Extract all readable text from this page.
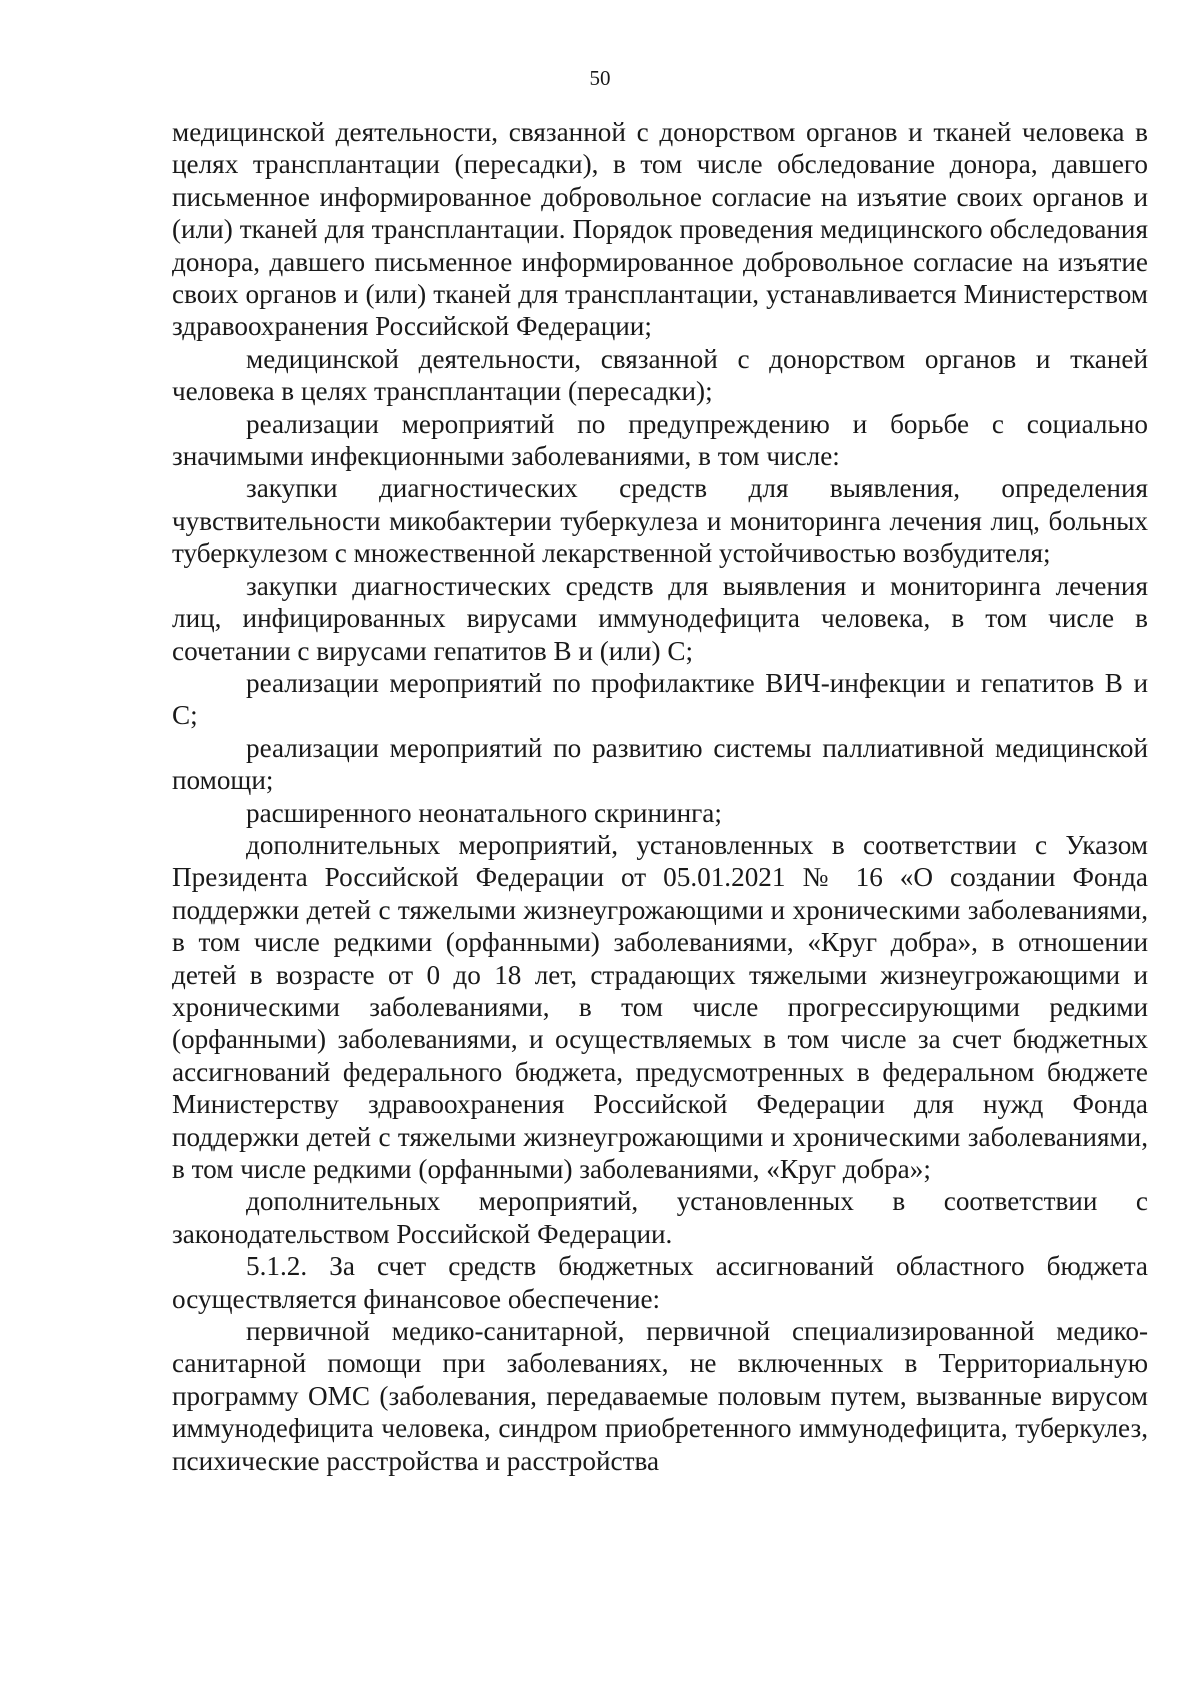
50

медицинской деятельности, связанной с донорством органов и тканей человека в целях трансплантации (пересадки), в том числе обследование донора, давшего письменное информированное добровольное согласие на изъятие своих органов и (или) тканей для трансплантации. Порядок проведения медицинского обследования донора, давшего письменное информированное добровольное согласие на изъятие своих органов и (или) тканей для трансплантации, устанавливается Министерством здравоохранения Российской Федерации;

медицинской деятельности, связанной с донорством органов и тканей человека в целях трансплантации (пересадки);

реализации мероприятий по предупреждению и борьбе с социально значимыми инфекционными заболеваниями, в том числе:

закупки диагностических средств для выявления, определения чувствительности микобактерии туберкулеза и мониторинга лечения лиц, больных туберкулезом с множественной лекарственной устойчивостью возбудителя;

закупки диагностических средств для выявления и мониторинга лечения лиц, инфицированных вирусами иммунодефицита человека, в том числе в сочетании с вирусами гепатитов В и (или) С;

реализации мероприятий по профилактике ВИЧ-инфекции и гепатитов В и С;

реализации мероприятий по развитию системы паллиативной медицинской помощи;

расширенного неонатального скрининга;

дополнительных мероприятий, установленных в соответствии с Указом Президента Российской Федерации от 05.01.2021 № 16 «О создании Фонда поддержки детей с тяжелыми жизнеугрожающими и хроническими заболеваниями, в том числе редкими (орфанными) заболеваниями, «Круг добра», в отношении детей в возрасте от 0 до 18 лет, страдающих тяжелыми жизнеугрожающими и хроническими заболеваниями, в том числе прогрессирующими редкими (орфанными) заболеваниями, и осуществляемых в том числе за счет бюджетных ассигнований федерального бюджета, предусмотренных в федеральном бюджете Министерству здравоохранения Российской Федерации для нужд Фонда поддержки детей с тяжелыми жизнеугрожающими и хроническими заболеваниями, в том числе редкими (орфанными) заболеваниями, «Круг добра»;

дополнительных мероприятий, установленных в соответствии с законодательством Российской Федерации.

5.1.2. За счет средств бюджетных ассигнований областного бюджета осуществляется финансовое обеспечение:

первичной медико-санитарной, первичной специализированной медико-санитарной помощи при заболеваниях, не включенных в Территориальную программу ОМС (заболевания, передаваемые половым путем, вызванные вирусом иммунодефицита человека, синдром приобретенного иммунодефицита, туберкулез, психические расстройства и расстройства
